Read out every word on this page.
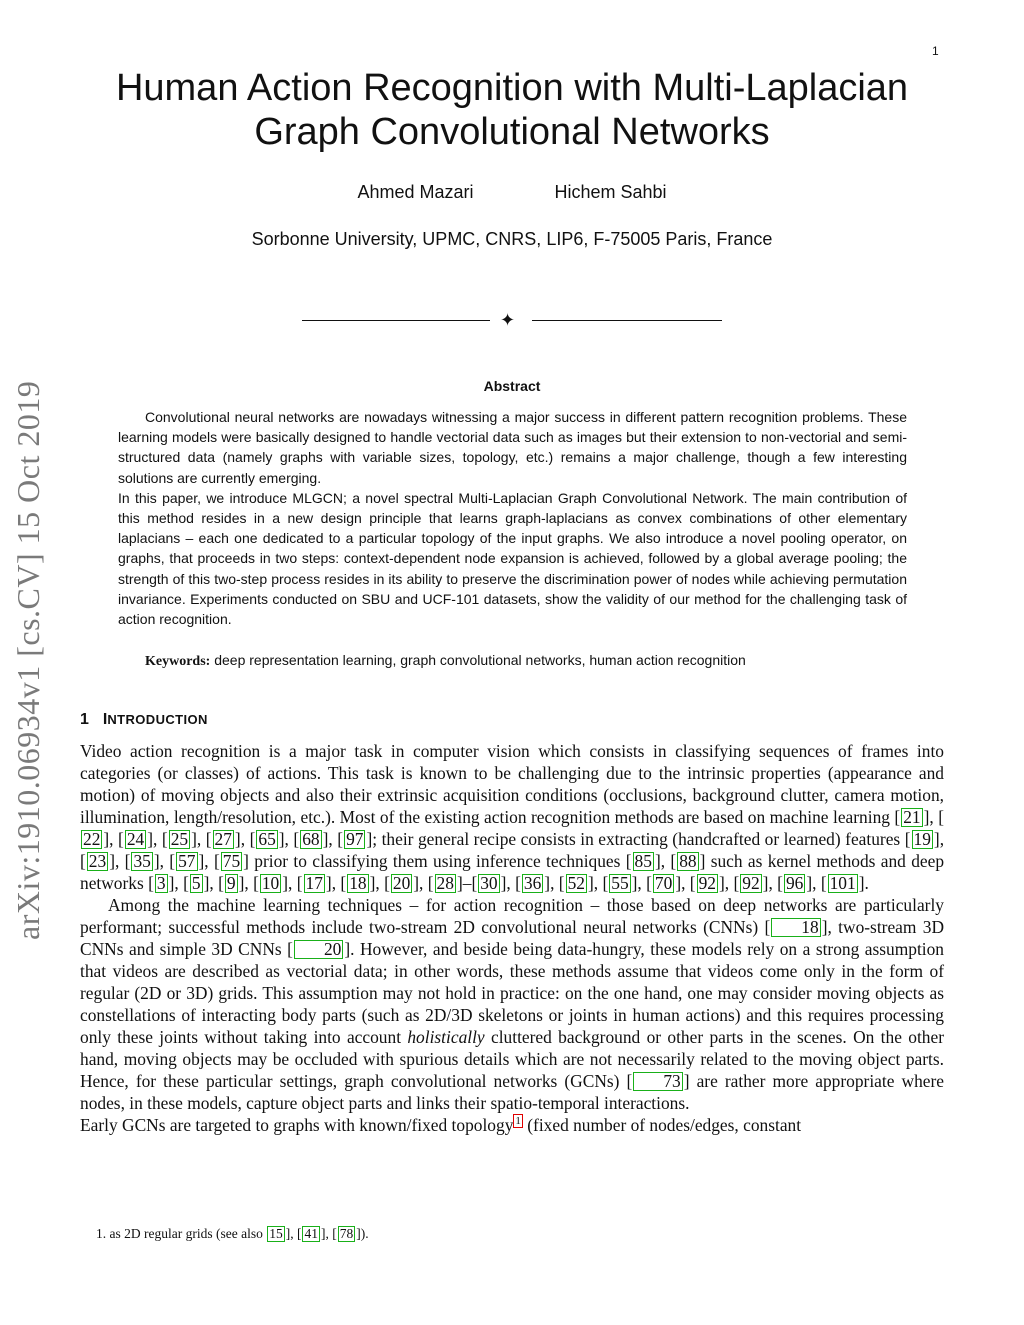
1
arXiv:1910.06934v1 [cs.CV] 15 Oct 2019
Human Action Recognition with Multi-Laplacian
Graph Convolutional Networks
Ahmed Mazari	Hichem Sahbi
Sorbonne University, UPMC, CNRS, LIP6, F-75005 Paris, France
✦
Abstract

Convolutional neural networks are nowadays witnessing a major success in different pattern recognition problems. These learning models were basically designed to handle vectorial data such as images but their extension to non-vectorial and semi-structured data (namely graphs with variable sizes, topology, etc.) remains a major challenge, though a few interesting solutions are currently emerging.

In this paper, we introduce MLGCN; a novel spectral Multi-Laplacian Graph Convolutional Network. The main contribution of this method resides in a new design principle that learns graph-laplacians as convex combinations of other elementary laplacians – each one dedicated to a particular topology of the input graphs. We also introduce a novel pooling operator, on graphs, that proceeds in two steps: context-dependent node expansion is achieved, followed by a global average pooling; the strength of this two-step process resides in its ability to preserve the discrimination power of nodes while achieving permutation invariance. Experiments conducted on SBU and UCF-101 datasets, show the validity of our method for the challenging task of action recognition.

Keywords: deep representation learning, graph convolutional networks, human action recognition
1 INTRODUCTION

Video action recognition is a major task in computer vision which consists in classifying sequences of frames into categories (or classes) of actions. This task is known to be challenging due to the intrinsic properties (appearance and motion) of moving objects and also their extrinsic acquisition conditions (occlusions, background clutter, camera motion, illumination, length/resolution, etc.). Most of the existing action recognition methods are based on machine learning [ 21 ], [22 ], [ 24 ], [ 25 ], [ 27 ], [ 65 ], [ 68 ], [ 97 ]; their general recipe consists in extracting (handcrafted or learned) features [ 19 ], [ 23 ], [ 35 ], [ 57 ], [ 75 ] prior to classifying them using inference techniques [ 85 ], [ 88 ] such as kernel methods and deep networks [ 3 ], [ 5 ], [ 9 ], [ 10 ], [ 17 ], [ 18 ], [ 20 ], [ 28 ]–[ 30 ], [ 36 ], [ 52 ], [ 55 ], [ 70 ], [ 92 ], [ 92 ], [ 96 ], [ 101 ].

Among the machine learning techniques – for action recognition – those based on deep networks are particularly performant; successful methods include two-stream 2D convolutional neural networks (CNNs) [ 18 ], two-stream 3D CNNs and simple 3D CNNs [ 20 ]. However, and beside being data-hungry, these models rely on a strong assumption that videos are described as vectorial data; in other words, these methods assume that videos come only in the form of regular (2D or 3D) grids. This assumption may not hold in practice: on the one hand, one may consider moving objects as constellations of interacting body parts (such as 2D/3D skeletons or joints in human actions) and this requires processing only these joints without taking into account holistically cluttered background or other parts in the scenes. On the other hand, moving objects may be occluded with spurious details which are not necessarily related to the moving object parts. Hence, for these particular settings, graph convolutional networks (GCNs) [ 73 ] are rather more appropriate where nodes, in these models, capture object parts and links their spatio-temporal interactions.

Early GCNs are targeted to graphs with known/fixed topology $^1$ (fixed number of nodes/edges, constant

1. as 2D regular grids (see also 15 ], [ 41 ], [ 78 ]).
